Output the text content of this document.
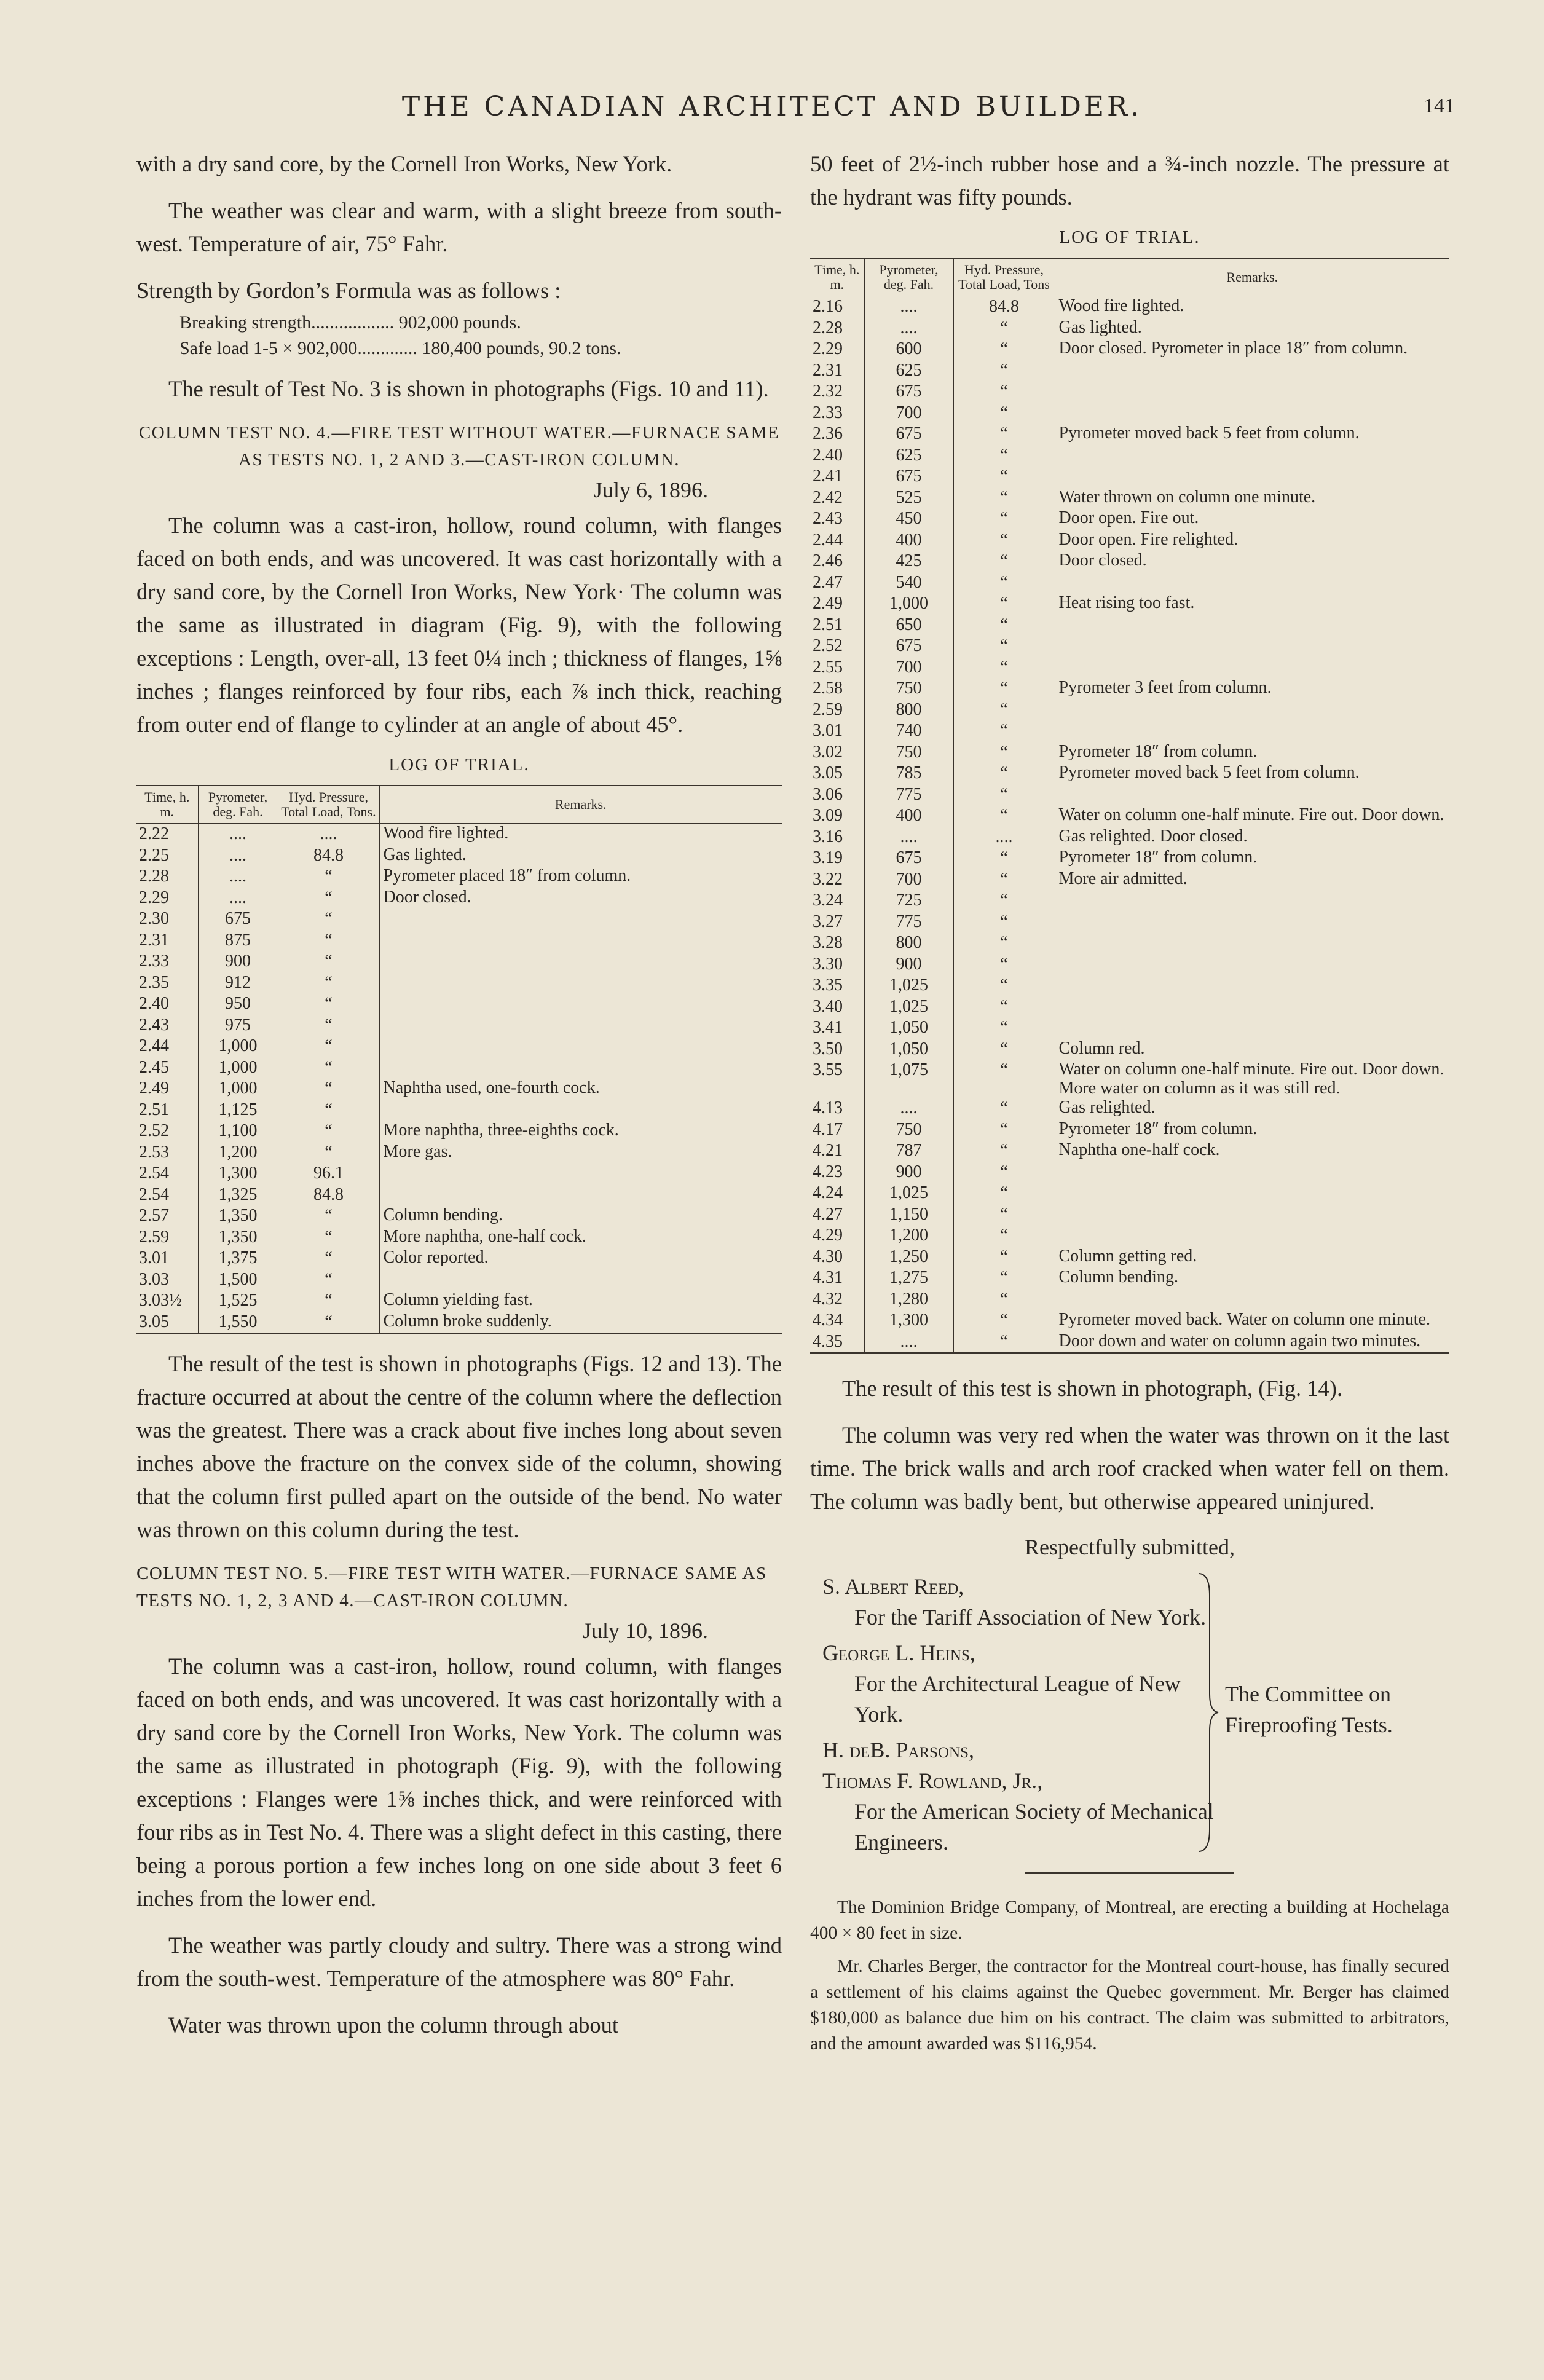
THE CANADIAN ARCHITECT AND BUILDER.	141

with a dry sand core, by the Cornell Iron Works, New York.

The weather was clear and warm, with a slight breeze from south-west. Temperature of air, 75° Fahr.

Strength by Gordon’s Formula was as follows :

Breaking strength.................. 902,000 pounds.
Safe load 1-5 × 902,000............. 180,400 pounds, 90.2 tons.

The result of Test No. 3 is shown in photographs (Figs. 10 and 11).

COLUMN TEST NO. 4.—FIRE TEST WITHOUT WATER.—FURNACE SAME AS TESTS NO. 1, 2 AND 3.—CAST-IRON COLUMN.
July 6, 1896.

The column was a cast-iron, hollow, round column, with flanges faced on both ends, and was uncovered. It was cast horizontally with a dry sand core, by the Cornell Iron Works, New York· The column was the same as illustrated in diagram (Fig. 9), with the following exceptions : Length, over-all, 13 feet 0¼ inch ; thickness of flanges, 1⅝ inches ; flanges reinforced by four ribs, each ⅞ inch thick, reaching from outer end of flange to cylinder at an angle of about 45°.

LOG OF TRIAL.
Time, h. m.	Pyrometer, deg. Fah.	Hyd. Pressure, Total Load, Tons.	Remarks.
2.22	....	....	Wood fire lighted.
2.25	....	84.8	Gas lighted.
2.28	....	“	Pyrometer placed 18″ from column.
2.29	....	“	Door closed.
2.30	675	“	
2.31	875	“	
2.33	900	“	
2.35	912	“	
2.40	950	“	
2.43	975	“	
2.44	1,000	“	
2.45	1,000	“	
2.49	1,000	“	Naphtha used, one-fourth cock.
2.51	1,125	“	
2.52	1,100	“	More naphtha, three-eighths cock.
2.53	1,200	“	More gas.
2.54	1,300	96.1	
2.54	1,325	84.8	
2.57	1,350	“	Column bending.
2.59	1,350	“	More naphtha, one-half cock.
3.01	1,375	“	Color reported.
3.03	1,500	“	
3.03½	1,525	“	Column yielding fast.
3.05	1,550	“	Column broke suddenly.

The result of the test is shown in photographs (Figs. 12 and 13). The fracture occurred at about the centre of the column where the deflection was the greatest. There was a crack about five inches long about seven inches above the fracture on the convex side of the column, showing that the column first pulled apart on the outside of the bend. No water was thrown on this column during the test.

COLUMN TEST NO. 5.—FIRE TEST WITH WATER.—FURNACE SAME AS TESTS NO. 1, 2, 3 AND 4.—CAST-IRON COLUMN.
July 10, 1896.

The column was a cast-iron, hollow, round column, with flanges faced on both ends, and was uncovered. It was cast horizontally with a dry sand core by the Cornell Iron Works, New York. The column was the same as illustrated in photograph (Fig. 9), with the following exceptions : Flanges were 1⅝ inches thick, and were reinforced with four ribs as in Test No. 4. There was a slight defect in this casting, there being a porous portion a few inches long on one side about 3 feet 6 inches from the lower end.

The weather was partly cloudy and sultry. There was a strong wind from the south-west. Temperature of the atmosphere was 80° Fahr.

Water was thrown upon the column through about

50 feet of 2½-inch rubber hose and a ¾-inch nozzle. The pressure at the hydrant was fifty pounds.

LOG OF TRIAL.
Time, h. m.	Pyrometer, deg. Fah.	Hyd. Pressure, Total Load, Tons	Remarks.
2.16	....	84.8	Wood fire lighted.
2.28	....	“	Gas lighted.
2.29	600	“	Door closed. Pyrometer in place 18″ from column.
2.31	625	“	
2.32	675	“	
2.33	700	“	
2.36	675	“	Pyrometer moved back 5 feet from column.
2.40	625	“	
2.41	675	“	
2.42	525	“	Water thrown on column one minute.
2.43	450	“	Door open. Fire out.
2.44	400	“	Door open. Fire relighted.
2.46	425	“	Door closed.
2.47	540	“	
2.49	1,000	“	Heat rising too fast.
2.51	650	“	
2.52	675	“	
2.55	700	“	
2.58	750	“	Pyrometer 3 feet from column.
2.59	800	“	
3.01	740	“	
3.02	750	“	Pyrometer 18″ from column.
3.05	785	“	Pyrometer moved back 5 feet from column.
3.06	775	“	
3.09	400	“	Water on column one-half minute. Fire out. Door down.
3.16	....	....	Gas relighted. Door closed.
3.19	675	“	Pyrometer 18″ from column.
3.22	700	“	More air admitted.
3.24	725	“	
3.27	775	“	
3.28	800	“	
3.30	900	“	
3.35	1,025	“	
3.40	1,025	“	
3.41	1,050	“	
3.50	1,050	“	Column red.
3.55	1,075	“	Water on column one-half minute. Fire out. Door down. More water on column as it was still red.
4.13	....	“	Gas relighted.
4.17	750	“	Pyrometer 18″ from column.
4.21	787	“	Naphtha one-half cock.
4.23	900	“	
4.24	1,025	“	
4.27	1,150	“	
4.29	1,200	“	
4.30	1,250	“	Column getting red.
4.31	1,275	“	Column bending.
4.32	1,280	“	
4.34	1,300	“	Pyrometer moved back. Water on column one minute.
4.35	....	“	Door down and water on column again two minutes.

The result of this test is shown in photograph, (Fig. 14).

The column was very red when the water was thrown on it the last time. The brick walls and arch roof cracked when water fell on them. The column was badly bent, but otherwise appeared uninjured.

Respectfully submitted,
S. Albert Reed,
For the Tariff Association of New York.
George L. Heins,
For the Architectural League of New York.
H. deB. Parsons,
Thomas F. Rowland, Jr.,
For the American Society of Mechanical Engineers.
The Committee on Fireproofing Tests.

The Dominion Bridge Company, of Montreal, are erecting a building at Hochelaga 400 × 80 feet in size.

Mr. Charles Berger, the contractor for the Montreal court-house, has finally secured a settlement of his claims against the Quebec government. Mr. Berger has claimed $180,000 as balance due him on his contract. The claim was submitted to arbitrators, and the amount awarded was $116,954.
